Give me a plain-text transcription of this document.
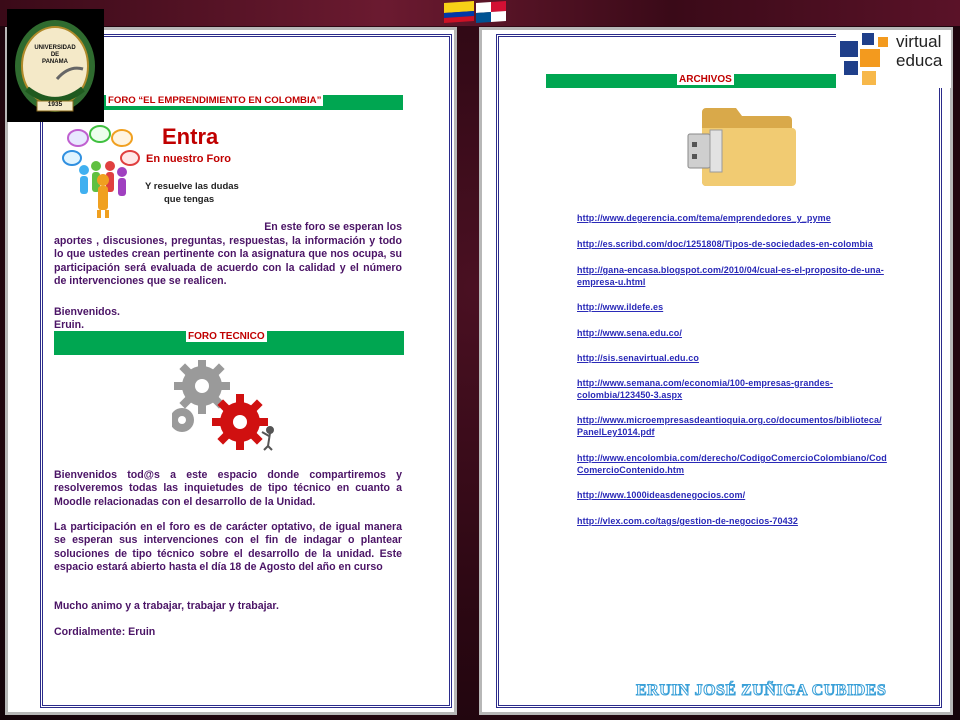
FORO “EL EMPRENDIMIENTO EN COLOMBIA”
Entra
En nuestro Foro
Y resuelve las dudas
que tengas
En este foro se esperan los
aportes , discusiones, preguntas, respuestas, la información y todo lo que ustedes crean pertinente con la asignatura que nos ocupa, su participación será evaluada de acuerdo con la calidad y el número de intervenciones que se realicen.
Bienvenidos.
Eruin.
FORO TECNICO
Bienvenidos tod@s a este espacio donde compartiremos y resolveremos todas las inquietudes de tipo técnico en cuanto a Moodle relacionadas con el desarrollo de la Unidad.
La participación en el foro es de carácter optativo, de igual manera se esperan sus intervenciones con el fin de indagar o plantear soluciones de tipo técnico sobre el desarrollo de la unidad. Este espacio estará abierto hasta el día 18 de Agosto del año en curso
Mucho animo y a trabajar, trabajar y trabajar.
Cordialmente: Eruin
ARCHIVOS
http://www.degerencia.com/tema/emprendedores_y_pyme
http://es.scribd.com/doc/1251808/Tipos-de-sociedades-en-colombia
http://gana-encasa.blogspot.com/2010/04/cual-es-el-proposito-de-una-
empresa-u.html
http://www.ildefe.es
http://www.sena.edu.co/
http://sis.senavirtual.edu.co
http://www.semana.com/economia/100-empresas-grandes-
colombia/123450-3.aspx
http://www.microempresasdeantioquia.org.co/documentos/biblioteca/
PanelLey1014.pdf
http://www.encolombia.com/derecho/CodigoComercioColombiano/Cod
ComercioContenido.htm
http://www.1000ideasdenegocios.com/
http://vlex.com.co/tags/gestion-de-negocios-70432
UNIVERSIDAD
DE
PANAMA
1935
virtual
educa
ERUIN JOSÉ ZUÑIGA CUBIDES
